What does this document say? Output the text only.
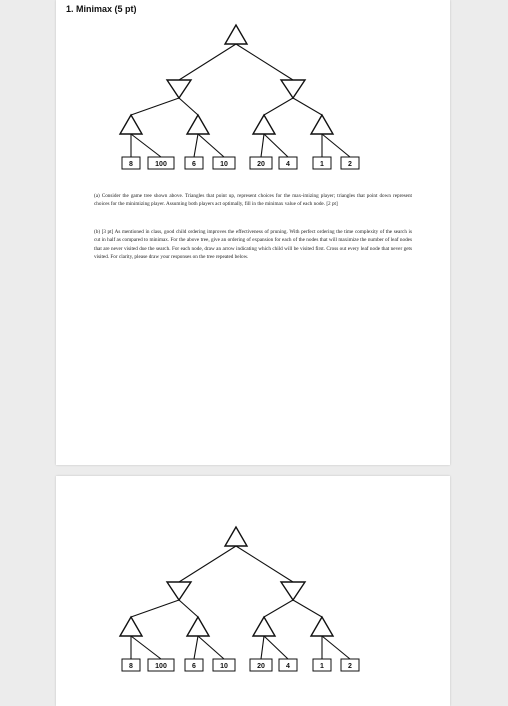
1. Minimax (5 pt)
8	100	6	10	20	4	1	2

(a) Consider the game tree shown above. Triangles that point up, represent choices for the max-imizing player; triangles that point down represent choices for the minimizing player. Assuming both players act optimally, fill in the minimax value of each node. [2 pt]

(b) [3 pt] As mentioned in class, good child ordering improves the effectiveness of pruning. With perfect ordering the time complexity of the search is cut in half as compared to minimax. For the above tree, give an ordering of expansion for each of the nodes that will maximize the number of leaf nodes that are never visited due the search. For each node, draw an arrow indicating which child will be visited first. Cross out every leaf node that never gets visited. For clarity, please draw your responses on the tree repeated below.

8	100	6	10	20	4	1	2
